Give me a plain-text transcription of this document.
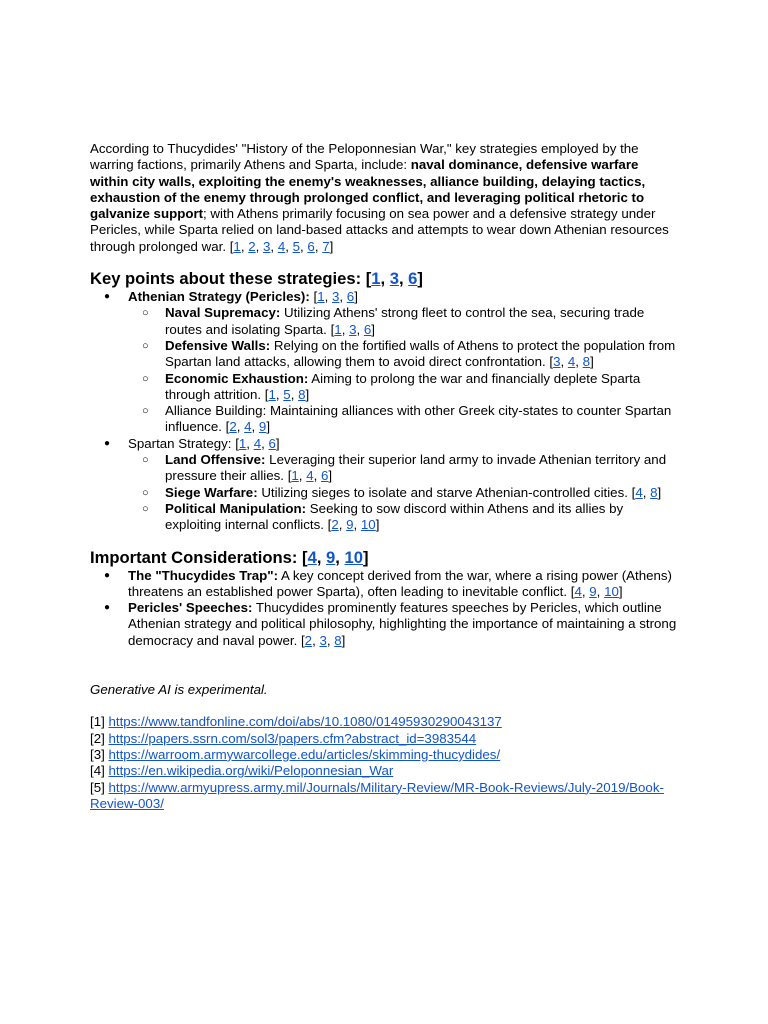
According to Thucydides' "History of the Peloponnesian War," key strategies employed by the warring factions, primarily Athens and Sparta, include: naval dominance, defensive warfare within city walls, exploiting the enemy's weaknesses, alliance building, delaying tactics, exhaustion of the enemy through prolonged conflict, and leveraging political rhetoric to galvanize support; with Athens primarily focusing on sea power and a defensive strategy under Pericles, while Sparta relied on land-based attacks and attempts to wear down Athenian resources through prolonged war. [1, 2, 3, 4, 5, 6, 7]

Key points about these strategies: [1, 3, 6]
● Athenian Strategy (Pericles): [1, 3, 6]
○ Naval Supremacy: Utilizing Athens' strong fleet to control the sea, securing trade routes and isolating Sparta. [1, 3, 6]
○ Defensive Walls: Relying on the fortified walls of Athens to protect the population from Spartan land attacks, allowing them to avoid direct confrontation. [3, 4, 8]
○ Economic Exhaustion: Aiming to prolong the war and financially deplete Sparta through attrition. [1, 5, 8]
○ Alliance Building: Maintaining alliances with other Greek city-states to counter Spartan influence. [2, 4, 9]
● Spartan Strategy: [1, 4, 6]
○ Land Offensive: Leveraging their superior land army to invade Athenian territory and pressure their allies. [1, 4, 6]
○ Siege Warfare: Utilizing sieges to isolate and starve Athenian-controlled cities. [4, 8]
○ Political Manipulation: Seeking to sow discord within Athens and its allies by exploiting internal conflicts. [2, 9, 10]
Important Considerations: [4, 9, 10]
● The "Thucydides Trap": A key concept derived from the war, where a rising power (Athens) threatens an established power Sparta), often leading to inevitable conflict. [4, 9, 10]
● Pericles' Speeches: Thucydides prominently features speeches by Pericles, which outline Athenian strategy and political philosophy, highlighting the importance of maintaining a strong democracy and naval power. [2, 3, 8]

Generative AI is experimental.

[1] https://www.tandfonline.com/doi/abs/10.1080/01495930290043137
[2] https://papers.ssrn.com/sol3/papers.cfm?abstract_id=3983544
[3] https://warroom.armywarcollege.edu/articles/skimming-thucydides/
[4] https://en.wikipedia.org/wiki/Peloponnesian_War
[5] https://www.armyupress.army.mil/Journals/Military-Review/MR-Book-Reviews/July-2019/Book-Review-003/
